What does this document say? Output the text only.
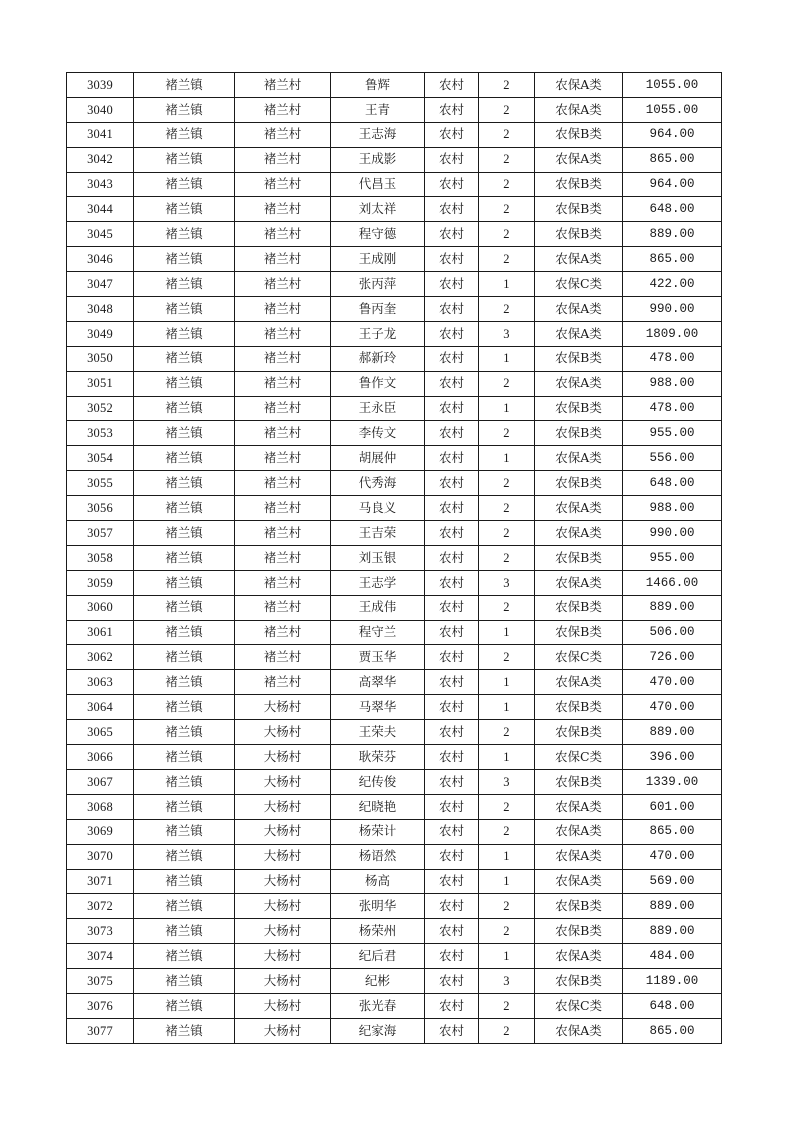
3039	褚兰镇	褚兰村	鲁辉	农村	2	农保A类	1055.00
3040	褚兰镇	褚兰村	王青	农村	2	农保A类	1055.00
3041	褚兰镇	褚兰村	王志海	农村	2	农保B类	964.00
3042	褚兰镇	褚兰村	王成影	农村	2	农保A类	865.00
3043	褚兰镇	褚兰村	代昌玉	农村	2	农保B类	964.00
3044	褚兰镇	褚兰村	刘太祥	农村	2	农保B类	648.00
3045	褚兰镇	褚兰村	程守德	农村	2	农保B类	889.00
3046	褚兰镇	褚兰村	王成刚	农村	2	农保A类	865.00
3047	褚兰镇	褚兰村	张丙萍	农村	1	农保C类	422.00
3048	褚兰镇	褚兰村	鲁丙奎	农村	2	农保A类	990.00
3049	褚兰镇	褚兰村	王子龙	农村	3	农保A类	1809.00
3050	褚兰镇	褚兰村	郝新玲	农村	1	农保B类	478.00
3051	褚兰镇	褚兰村	鲁作文	农村	2	农保A类	988.00
3052	褚兰镇	褚兰村	王永臣	农村	1	农保B类	478.00
3053	褚兰镇	褚兰村	李传文	农村	2	农保B类	955.00
3054	褚兰镇	褚兰村	胡展仲	农村	1	农保A类	556.00
3055	褚兰镇	褚兰村	代秀海	农村	2	农保B类	648.00
3056	褚兰镇	褚兰村	马良义	农村	2	农保A类	988.00
3057	褚兰镇	褚兰村	王吉荣	农村	2	农保A类	990.00
3058	褚兰镇	褚兰村	刘玉银	农村	2	农保B类	955.00
3059	褚兰镇	褚兰村	王志学	农村	3	农保A类	1466.00
3060	褚兰镇	褚兰村	王成伟	农村	2	农保B类	889.00
3061	褚兰镇	褚兰村	程守兰	农村	1	农保B类	506.00
3062	褚兰镇	褚兰村	贾玉华	农村	2	农保C类	726.00
3063	褚兰镇	褚兰村	高翠华	农村	1	农保A类	470.00
3064	褚兰镇	大杨村	马翠华	农村	1	农保B类	470.00
3065	褚兰镇	大杨村	王荣夫	农村	2	农保B类	889.00
3066	褚兰镇	大杨村	耿荣芬	农村	1	农保C类	396.00
3067	褚兰镇	大杨村	纪传俊	农村	3	农保B类	1339.00
3068	褚兰镇	大杨村	纪晓艳	农村	2	农保A类	601.00
3069	褚兰镇	大杨村	杨荣计	农村	2	农保A类	865.00
3070	褚兰镇	大杨村	杨语然	农村	1	农保A类	470.00
3071	褚兰镇	大杨村	杨高	农村	1	农保A类	569.00
3072	褚兰镇	大杨村	张明华	农村	2	农保B类	889.00
3073	褚兰镇	大杨村	杨荣州	农村	2	农保B类	889.00
3074	褚兰镇	大杨村	纪后君	农村	1	农保A类	484.00
3075	褚兰镇	大杨村	纪彬	农村	3	农保B类	1189.00
3076	褚兰镇	大杨村	张光春	农村	2	农保C类	648.00
3077	褚兰镇	大杨村	纪家海	农村	2	农保A类	865.00
